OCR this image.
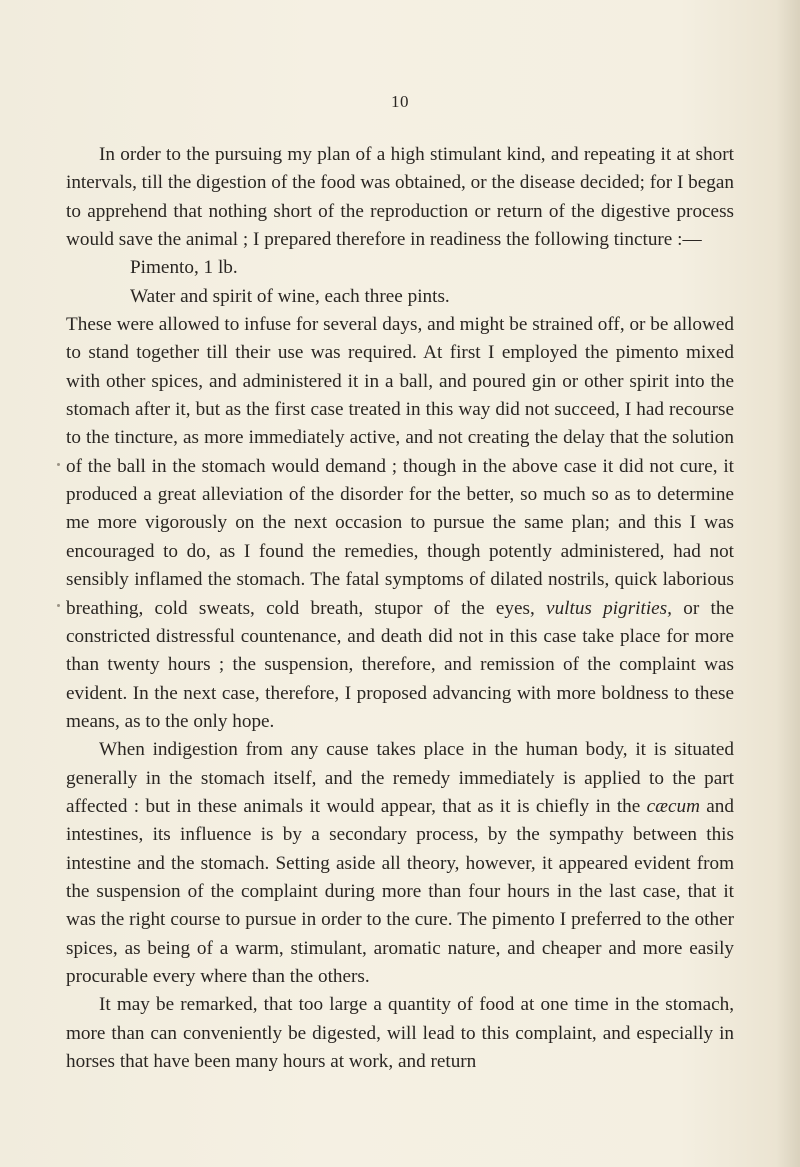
10

In order to the pursuing my plan of a high stimulant kind, and repeating it at short intervals, till the digestion of the food was obtained, or the disease decided; for I began to apprehend that nothing short of the reproduction or return of the digestive process would save the animal ; I prepared therefore in readiness the following tincture :—

Pimento, 1 lb.

Water and spirit of wine, each three pints.

These were allowed to infuse for several days, and might be strained off, or be allowed to stand together till their use was required. At first I employed the pimento mixed with other spices, and administered it in a ball, and poured gin or other spirit into the stomach after it, but as the first case treated in this way did not succeed, I had recourse to the tincture, as more immediately active, and not creating the delay that the solution of the ball in the stomach would demand ; though in the above case it did not cure, it produced a great alleviation of the disorder for the better, so much so as to determine me more vigorously on the next occasion to pursue the same plan; and this I was encouraged to do, as I found the remedies, though potently administered, had not sensibly inflamed the stomach. The fatal symptoms of dilated nostrils, quick laborious breathing, cold sweats, cold breath, stupor of the eyes, vultus pigrities, or the constricted distressful countenance, and death did not in this case take place for more than twenty hours ; the suspension, therefore, and remission of the complaint was evident. In the next case, therefore, I proposed advancing with more boldness to these means, as to the only hope.

When indigestion from any cause takes place in the human body, it is situated generally in the stomach itself, and the remedy immediately is applied to the part affected : but in these animals it would appear, that as it is chiefly in the cæcum and intestines, its influence is by a secondary process, by the sympathy between this intestine and the stomach. Setting aside all theory, however, it appeared evident from the suspension of the complaint during more than four hours in the last case, that it was the right course to pursue in order to the cure. The pimento I preferred to the other spices, as being of a warm, stimulant, aromatic nature, and cheaper and more easily procurable every where than the others.

It may be remarked, that too large a quantity of food at one time in the stomach, more than can conveniently be digested, will lead to this complaint, and especially in horses that have been many hours at work, and return
